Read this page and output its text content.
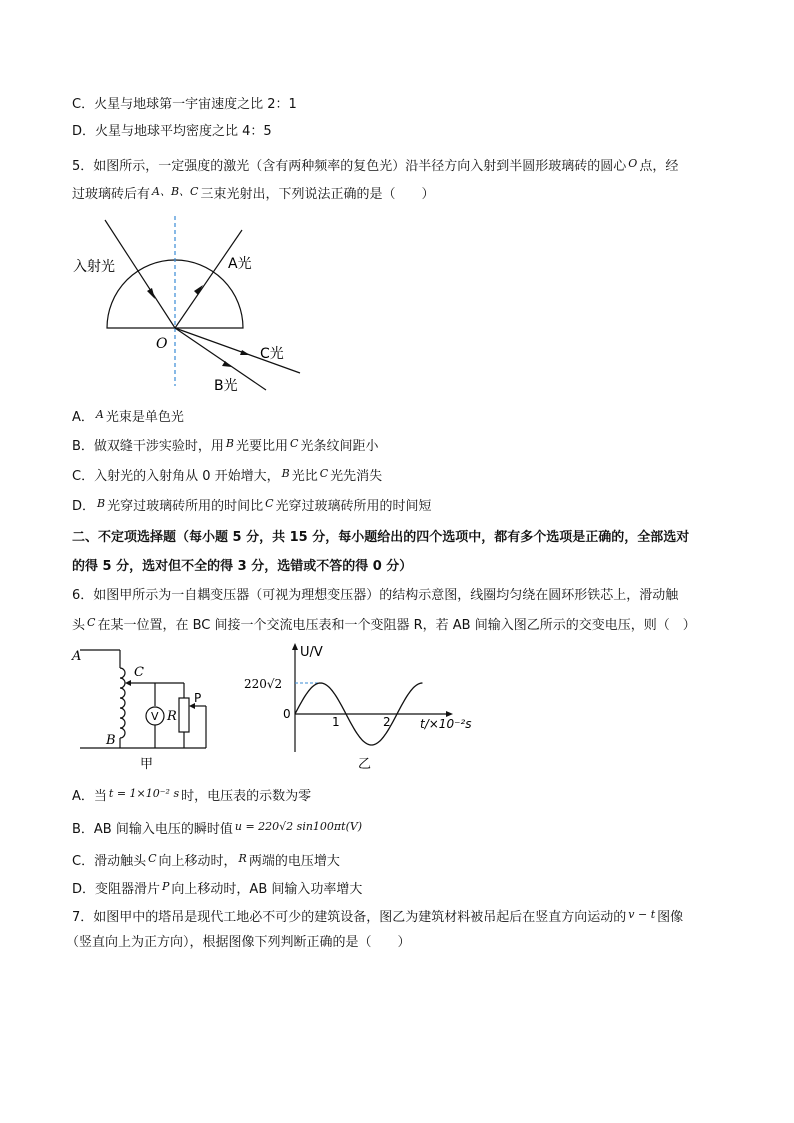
C．火星与地球第一宇宙速度之比 2：1
D．火星与地球平均密度之比 4：5
5．如图所示，一定强度的激光（含有两种频率的复色光）沿半径方向入射到半圆形玻璃砖的圆心 $^O$ 点，经
过玻璃砖后有 $^{A、B、C}$ 三束光射出，下列说法正确的是（　　）
入射光	A光
C光
B光
O
A． $^A$ 光束是单色光
B．做双缝干涉实验时，用 $^B$ 光要比用 $^C$ 光条纹间距小
C．入射光的入射角从 0 开始增大， $^B$ 光比 $^C$ 光先消失
D． $^B$ 光穿过玻璃砖所用的时间比 $^C$ 光穿过玻璃砖所用的时间短
二、不定项选择题（每小题 5 分，共 15 分，每小题给出的四个选项中，都有多个选项是正确的，全部选对
的得 5 分，选对但不全的得 3 分，选错或不答的得 0 分）
6．如图甲所示为一自耦变压器（可视为理想变压器）的结构示意图，线圈均匀绕在圆环形铁芯上，滑动触
头 $^C$ 在某一位置，在 BC 间接一个交流电压表和一个变阻器 R，若 AB 间输入图乙所示的交变电压，则（　）
V
A
B
C
R
P
甲
U/V
220√2
0
1	2 t/×10⁻²s
乙
A．当 $^{t = 1\times 10^{-2} s}$ 时，电压表的示数为零
B．AB 间输入电压的瞬时值 $^{u = 220√2 sin100\pi t(V)}$
C．滑动触头 $^C$ 向上移动时， $^R$ 两端的电压增大
D．变阻器滑片 $^P$ 向上移动时，AB 间输入功率增大
7．如图甲中的塔吊是现代工地必不可少的建筑设备，图乙为建筑材料被吊起后在竖直方向运动的 $^{v - t}$ 图像
（竖直向上为正方向），根据图像下列判断正确的是（　　）
